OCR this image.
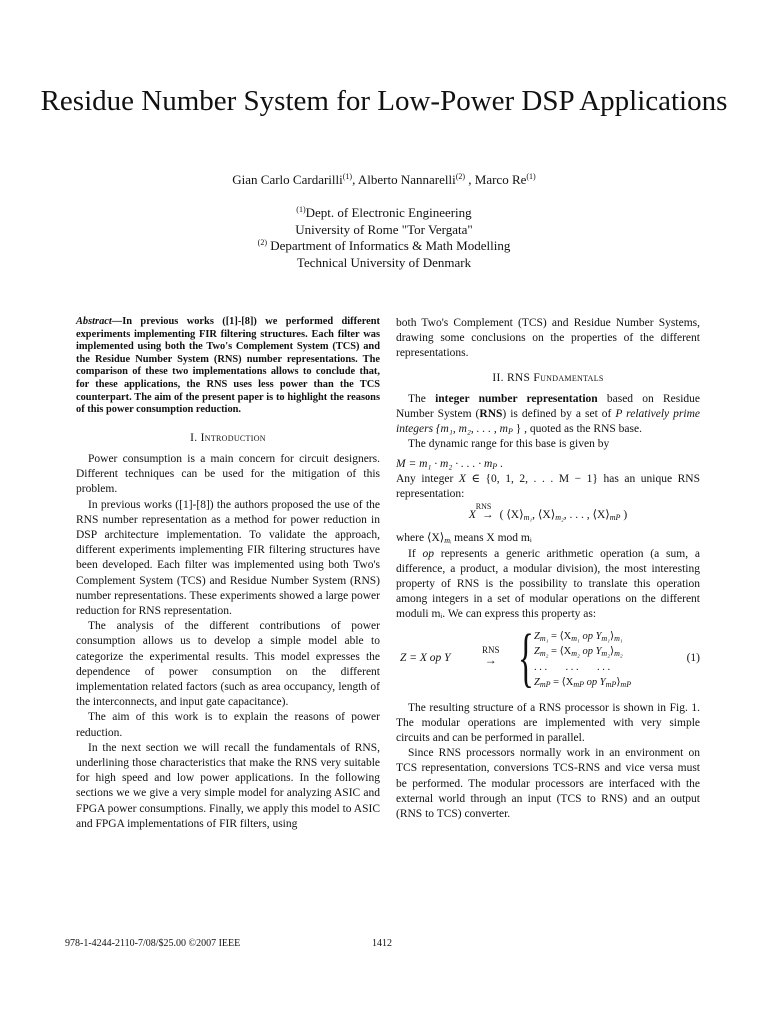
Residue Number System for Low-Power DSP Applications
Gian Carlo Cardarilli$^{(1)}$, Alberto Nannarelli$^{(2)}$ , Marco Re$^{(1)}$
$^{(1)}$Dept. of Electronic Engineering
University of Rome "Tor Vergata"
$^{(2)}$ Department of Informatics & Math Modelling
Technical University of Denmark

Abstract—In previous works ([1]-[8]) we performed different experiments implementing FIR filtering structures. Each filter was implemented using both the Two's Complement System (TCS) and the Residue Number System (RNS) number representations. The comparison of these two implementations allows to conclude that, for these applications, the RNS uses less power than the TCS counterpart. The aim of the present paper is to highlight the reasons of this power consumption reduction.

I. Introduction

Power consumption is a main concern for circuit designers. Different techniques can be used for the mitigation of this problem.

In previous works ([1]-[8]) the authors proposed the use of the RNS number representation as a method for power reduction in DSP architecture implementation. To validate the approach, different experiments implementing FIR filtering structures have been developed. Each filter was implemented using both Two's Complement System (TCS) and Residue Number System (RNS) number representations. These experiments showed a large power reduction for RNS representation.

The analysis of the different contributions of power consumption allows us to develop a simple model able to categorize the experimental results. This model expresses the dependence of power consumption on the different implementation related factors (such as area occupancy, length of the interconnects, and input gate capacitance).

The aim of this work is to explain the reasons of power reduction.

In the next section we will recall the fundamentals of RNS, underlining those characteristics that make the RNS very suitable for high speed and low power applications. In the following sections we we give a very simple model for analyzing ASIC and FPGA power consumptions. Finally, we apply this model to ASIC and FPGA implementations of FIR filters, using

both Two's Complement (TCS) and Residue Number Systems, drawing some conclusions on the properties of the different representations.

II. RNS Fundamentals

The integer number representation based on Residue Number System (RNS) is defined by a set of P relatively prime integers {m₁, m₂, . . . , $m_P$ } , quoted as the RNS base.

The dynamic range for this base is given by

M = m₁ · m₂ · . . . · $m_P$ .

Any integer X ∈ {0, 1, 2, . . . M − 1} has an unique RNS representation:

X
RNS
→ ( $⟨X⟩_{m_1}$, $⟨X⟩_{m_2}$, . . . , $⟨X⟩_{mP}$ )

where $⟨X⟩_{mᵢ}$ means X mod mᵢ

If op represents a generic arithmetic operation (a sum, a difference, a product, a modular division), the most interesting property of RNS is the possibility to translate this operation among integers in a set of modular operations on the different moduli mᵢ. We can express this property as:

Z = X op Y
RNS
→ { $Z_{m_1}$ = $⟨X_{m_1}$ op $Y_{m_1}⟩_{m_1}$
$Z_{m_2}$ = $⟨X_{m_2}$ op $Y_{m_2}⟩_{m_2}$
. . .       . . .       . . .
$Z_{mP}$ = $⟨X_{mP}$ op $Y_{mP}⟩_{mP}$
(1)

The resulting structure of a RNS processor is shown in Fig. 1. The modular operations are implemented with very simple circuits and can be performed in parallel.

Since RNS processors normally work in an environment on TCS representation, conversions TCS-RNS and vice versa must be performed. The modular processors are interfaced with the external world through an input (TCS to RNS) and an output (RNS to TCS) converter.

978-1-4244-2110-7/08/$25.00 ©2007 IEEE	1412
